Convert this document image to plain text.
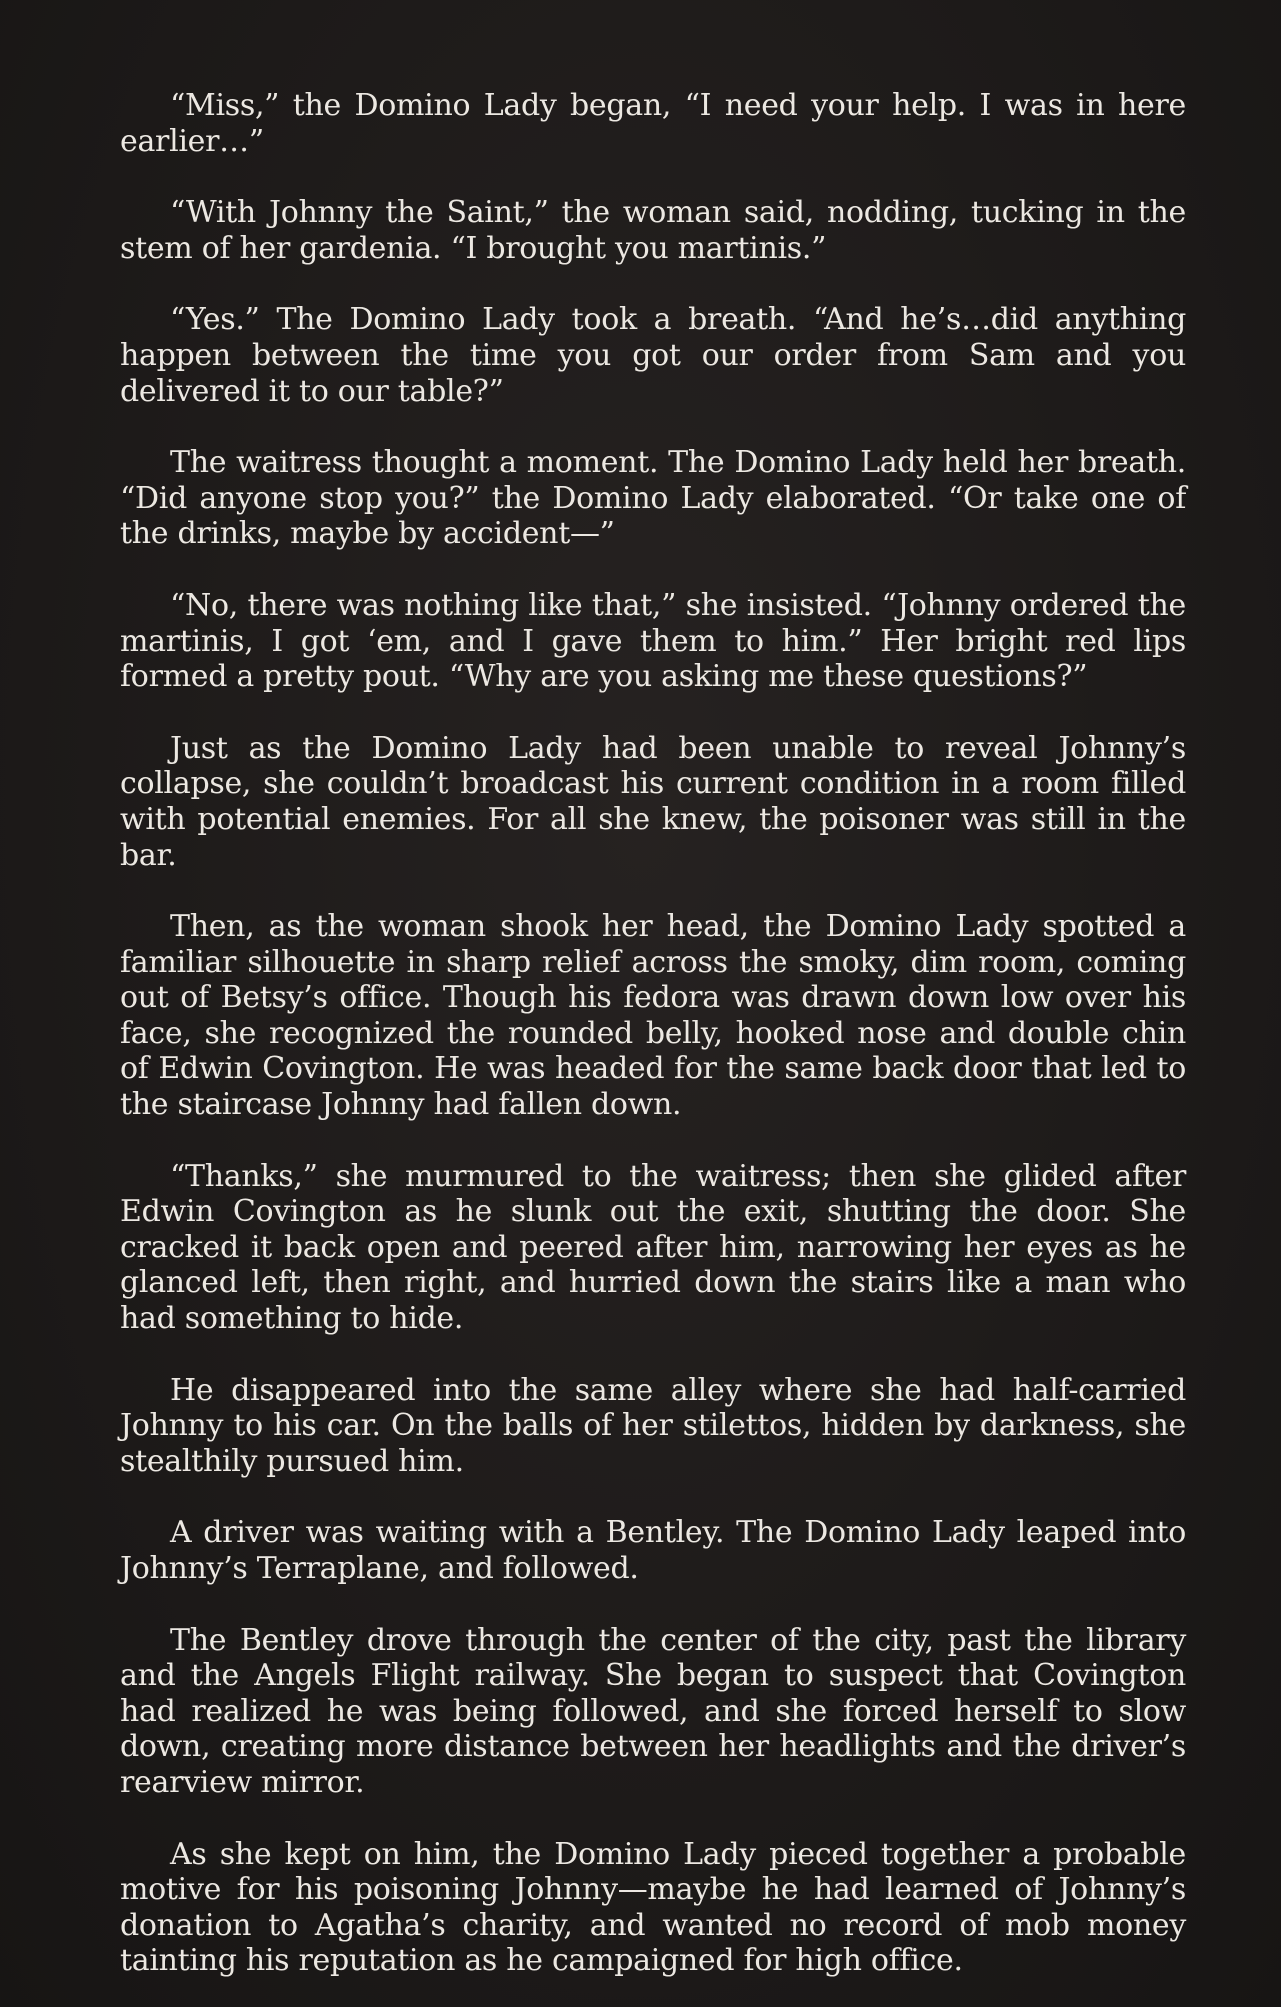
“Miss,” the Domino Lady began, “I need your help. I was in here earlier…”

“With Johnny the Saint,” the woman said, nodding, tucking in the stem of her gardenia. “I brought you martinis.”

“Yes.” The Domino Lady took a breath. “And he’s…did anything happen between the time you got our order from Sam and you delivered it to our table?”

The waitress thought a moment. The Domino Lady held her breath. “Did anyone stop you?” the Domino Lady elaborated. “Or take one of the drinks, maybe by accident—”

“No, there was nothing like that,” she insisted. “Johnny ordered the martinis, I got ‘em, and I gave them to him.” Her bright red lips formed a pretty pout. “Why are you asking me these questions?”

Just as the Domino Lady had been unable to reveal Johnny’s collapse, she couldn’t broadcast his current condition in a room filled with potential enemies. For all she knew, the poisoner was still in the bar.

Then, as the woman shook her head, the Domino Lady spotted a familiar silhouette in sharp relief across the smoky, dim room, coming out of Betsy’s office. Though his fedora was drawn down low over his face, she recognized the rounded belly, hooked nose and double chin of Edwin Covington. He was headed for the same back door that led to the staircase Johnny had fallen down.

“Thanks,” she murmured to the waitress; then she glided after Edwin Covington as he slunk out the exit, shutting the door. She cracked it back open and peered after him, narrowing her eyes as he glanced left, then right, and hurried down the stairs like a man who had something to hide.

He disappeared into the same alley where she had half-carried Johnny to his car. On the balls of her stilettos, hidden by darkness, she stealthily pursued him.

A driver was waiting with a Bentley. The Domino Lady leaped into Johnny’s Terraplane, and followed.

The Bentley drove through the center of the city, past the library and the Angels Flight railway. She began to suspect that Covington had realized he was being followed, and she forced herself to slow down, creating more distance between her headlights and the driver’s rearview mirror.

As she kept on him, the Domino Lady pieced together a probable motive for his poisoning Johnny—maybe he had learned of Johnny’s donation to Agatha’s charity, and wanted no record of mob money tainting his reputation as he campaigned for high office.
